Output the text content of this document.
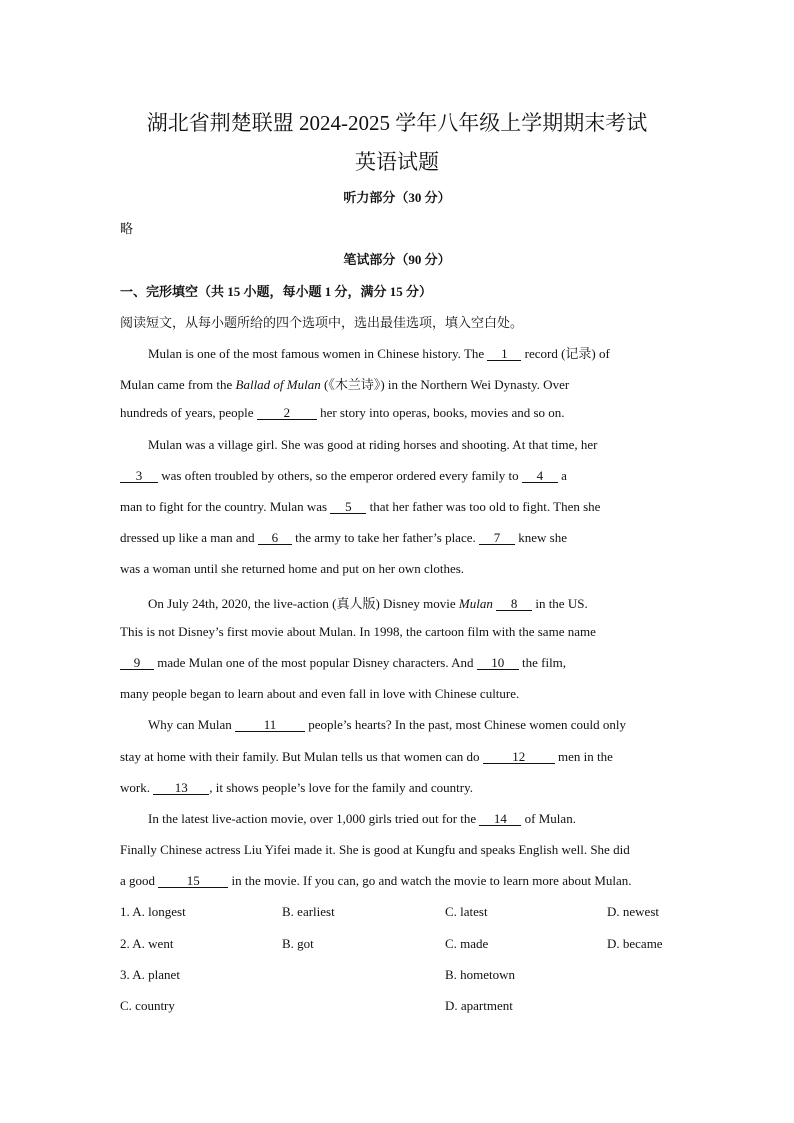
湖北省荆楚联盟 2024-2025 学年八年级上学期期末考试
英语试题
听力部分（30 分）
略
笔试部分（90 分）
一、完形填空（共 15 小题，每小题 1 分，满分 15 分）
阅读短文，从每小题所给的四个选项中，选出最佳选项，填入空白处。
Mulan is one of the most famous women in Chinese history. The 1 record (记录) of
Mulan came from the Ballad of Mulan (《木兰诗》) in the Northern Wei Dynasty. Over
hundreds of years, people 2 her story into operas, books, movies and so on.
Mulan was a village girl. She was good at riding horses and shooting. At that time, her
3 was often troubled by others, so the emperor ordered every family to 4 a
man to fight for the country. Mulan was 5 that her father was too old to fight. Then she
dressed up like a man and 6 the army to take her father’s place. 7 knew she
was a woman until she returned home and put on her own clothes.
On July 24th, 2020, the live-action (真人版) Disney movie Mulan 8 in the US.
This is not Disney’s first movie about Mulan. In 1998, the cartoon film with the same name
9 made Mulan one of the most popular Disney characters. And 10 the film,
many people began to learn about and even fall in love with Chinese culture.
Why can Mulan 11 people’s hearts? In the past, most Chinese women could only
stay at home with their family. But Mulan tells us that women can do 12 men in the
work. 13 , it shows people’s love for the family and country.
In the latest live-action movie, over 1,000 girls tried out for the 14 of Mulan.
Finally Chinese actress Liu Yifei made it. She is good at Kungfu and speaks English well. She did
a good 15 in the movie. If you can, go and watch the movie to learn more about Mulan.
1. A. longest	B. earliest	C. latest	D. newest
2. A. went	B. got	C. made	D. became
3. A. planet	B. hometown
C. country	D. apartment
